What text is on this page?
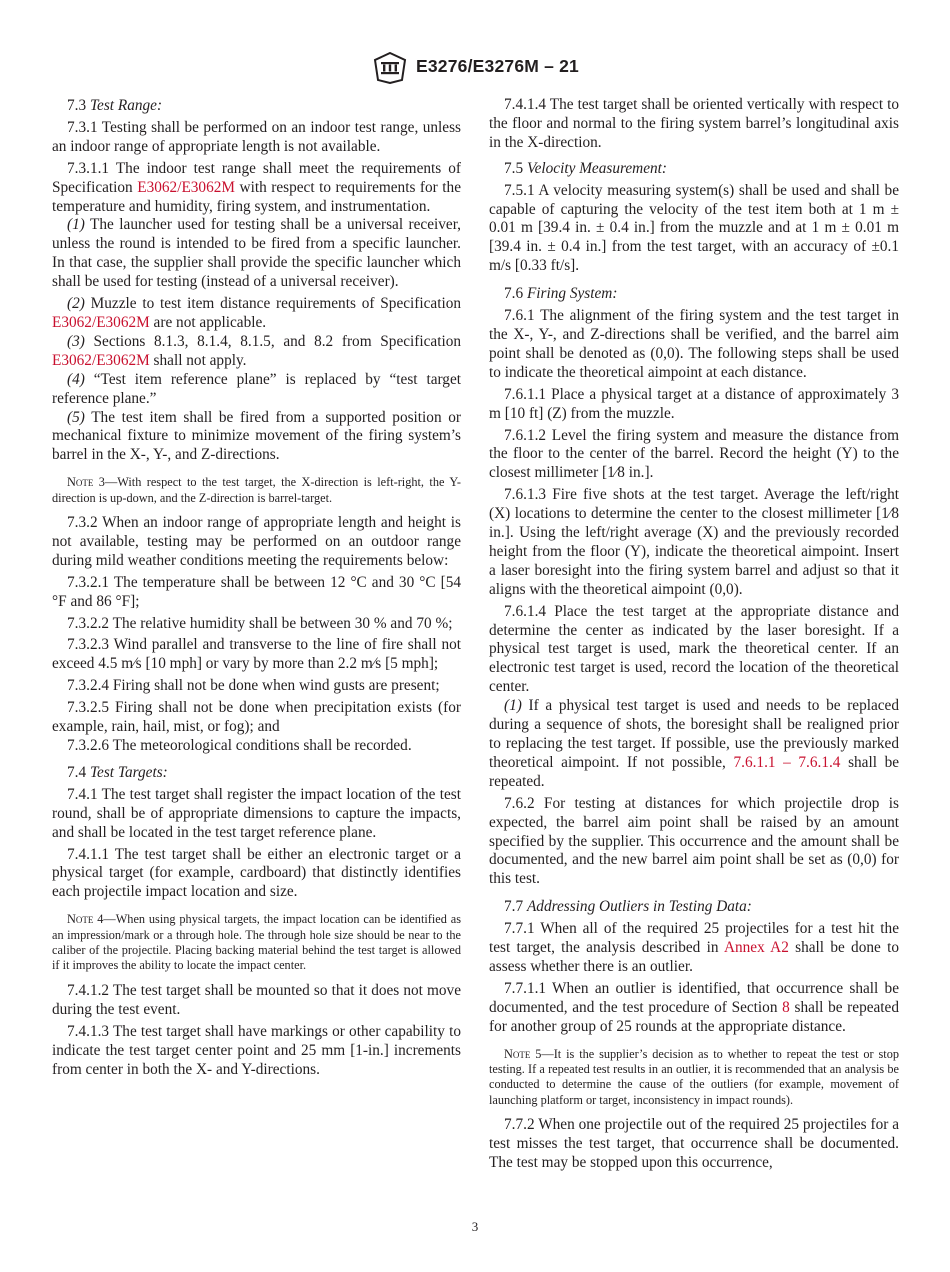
E3276/E3276M – 21

7.3 Test Range:

7.3.1 Testing shall be performed on an indoor test range, unless an indoor range of appropriate length is not available.

7.3.1.1 The indoor test range shall meet the requirements of Specification E3062/E3062M with respect to requirements for the temperature and humidity, firing system, and instrumentation.

(1) The launcher used for testing shall be a universal receiver, unless the round is intended to be fired from a specific launcher. In that case, the supplier shall provide the specific launcher which shall be used for testing (instead of a universal receiver).

(2) Muzzle to test item distance requirements of Specification E3062/E3062M are not applicable.

(3) Sections 8.1.3, 8.1.4, 8.1.5, and 8.2 from Specification E3062/E3062M shall not apply.

(4) “Test item reference plane” is replaced by “test target reference plane.”

(5) The test item shall be fired from a supported position or mechanical fixture to minimize movement of the firing system’s barrel in the X-, Y-, and Z-directions.

Note 3—With respect to the test target, the X-direction is left-right, the Y-direction is up-down, and the Z-direction is barrel-target.

7.3.2 When an indoor range of appropriate length and height is not available, testing may be performed on an outdoor range during mild weather conditions meeting the requirements below:

7.3.2.1 The temperature shall be between 12 °C and 30 °C [54 °F and 86 °F];

7.3.2.2 The relative humidity shall be between 30 % and 70 %;

7.3.2.3 Wind parallel and transverse to the line of fire shall not exceed 4.5 m⁄s [10 mph] or vary by more than 2.2 m⁄s [5 mph];

7.3.2.4 Firing shall not be done when wind gusts are present;

7.3.2.5 Firing shall not be done when precipitation exists (for example, rain, hail, mist, or fog); and

7.3.2.6 The meteorological conditions shall be recorded.

7.4 Test Targets:

7.4.1 The test target shall register the impact location of the test round, shall be of appropriate dimensions to capture the impacts, and shall be located in the test target reference plane.

7.4.1.1 The test target shall be either an electronic target or a physical target (for example, cardboard) that distinctly identifies each projectile impact location and size.

Note 4—When using physical targets, the impact location can be identified as an impression/mark or a through hole. The through hole size should be near to the caliber of the projectile. Placing backing material behind the test target is allowed if it improves the ability to locate the impact center.

7.4.1.2 The test target shall be mounted so that it does not move during the test event.

7.4.1.3 The test target shall have markings or other capability to indicate the test target center point and 25 mm [1-in.] increments from center in both the X- and Y-directions.

7.4.1.4 The test target shall be oriented vertically with respect to the floor and normal to the firing system barrel’s longitudinal axis in the X-direction.

7.5 Velocity Measurement:

7.5.1 A velocity measuring system(s) shall be used and shall be capable of capturing the velocity of the test item both at 1 m ± 0.01 m [39.4 in. ± 0.4 in.] from the muzzle and at 1 m ± 0.01 m [39.4 in. ± 0.4 in.] from the test target, with an accuracy of ±0.1 m/s [0.33 ft/s].

7.6 Firing System:

7.6.1 The alignment of the firing system and the test target in the X-, Y-, and Z-directions shall be verified, and the barrel aim point shall be denoted as (0,0). The following steps shall be used to indicate the theoretical aimpoint at each distance.

7.6.1.1 Place a physical target at a distance of approximately 3 m [10 ft] (Z) from the muzzle.

7.6.1.2 Level the firing system and measure the distance from the floor to the center of the barrel. Record the height (Y) to the closest millimeter [1⁄8 in.].

7.6.1.3 Fire five shots at the test target. Average the left/right (X) locations to determine the center to the closest millimeter [1⁄8 in.]. Using the left/right average (X) and the previously recorded height from the floor (Y), indicate the theoretical aimpoint. Insert a laser boresight into the firing system barrel and adjust so that it aligns with the theoretical aimpoint (0,0).

7.6.1.4 Place the test target at the appropriate distance and determine the center as indicated by the laser boresight. If a physical test target is used, mark the theoretical center. If an electronic test target is used, record the location of the theoretical center.

(1) If a physical test target is used and needs to be replaced during a sequence of shots, the boresight shall be realigned prior to replacing the test target. If possible, use the previously marked theoretical aimpoint. If not possible, 7.6.1.1 – 7.6.1.4 shall be repeated.

7.6.2 For testing at distances for which projectile drop is expected, the barrel aim point shall be raised by an amount specified by the supplier. This occurrence and the amount shall be documented, and the new barrel aim point shall be set as (0,0) for this test.

7.7 Addressing Outliers in Testing Data:

7.7.1 When all of the required 25 projectiles for a test hit the test target, the analysis described in Annex A2 shall be done to assess whether there is an outlier.

7.7.1.1 When an outlier is identified, that occurrence shall be documented, and the test procedure of Section 8 shall be repeated for another group of 25 rounds at the appropriate distance.

Note 5—It is the supplier’s decision as to whether to repeat the test or stop testing. If a repeated test results in an outlier, it is recommended that an analysis be conducted to determine the cause of the outliers (for example, movement of launching platform or target, inconsistency in impact rounds).

7.7.2 When one projectile out of the required 25 projectiles for a test misses the test target, that occurrence shall be documented. The test may be stopped upon this occurrence,

3
